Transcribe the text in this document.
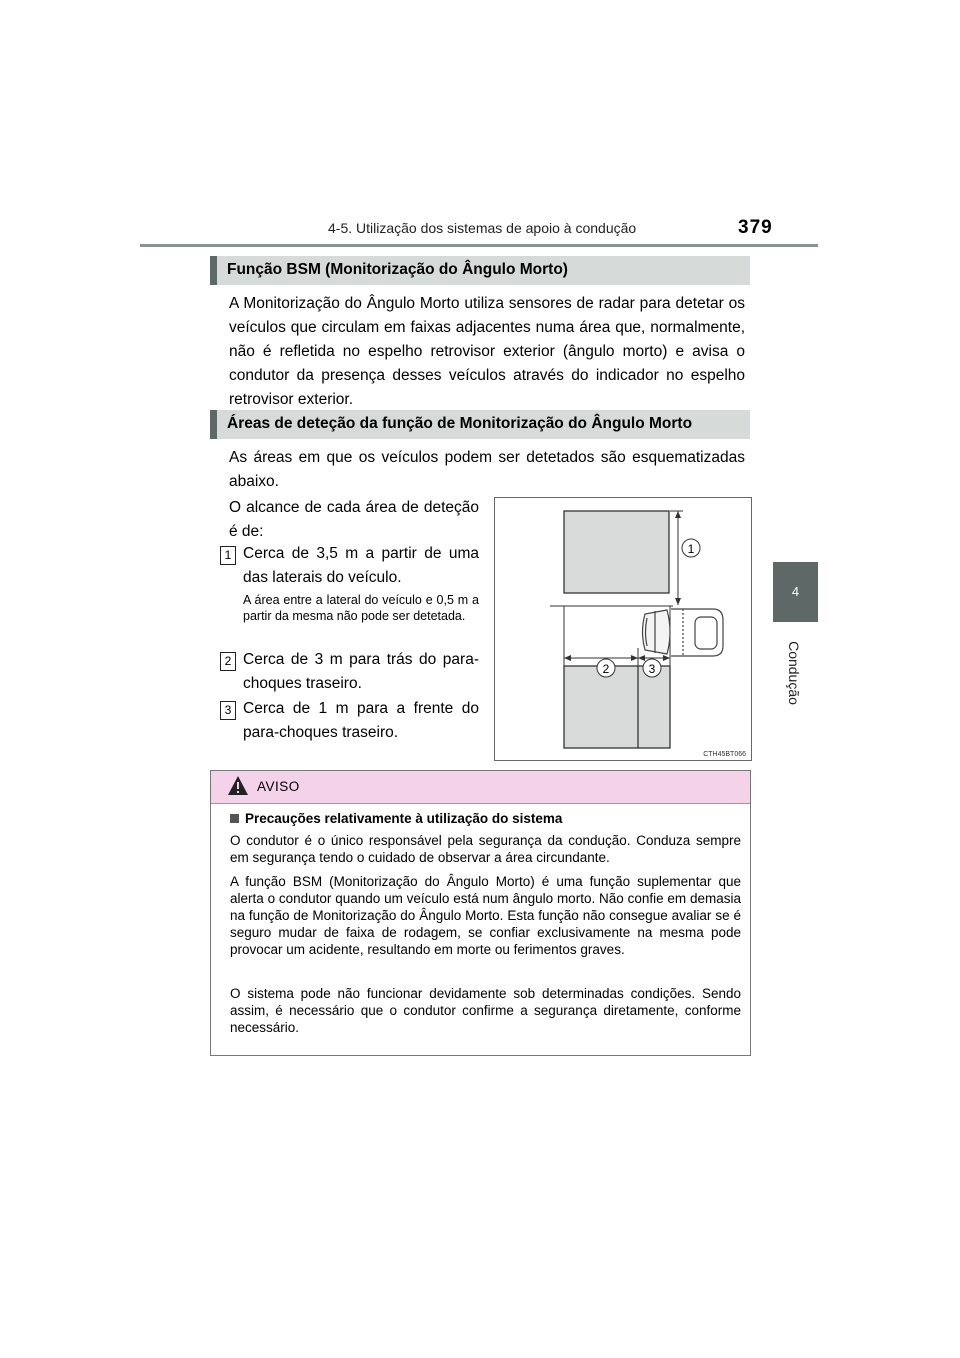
4-5. Utilização dos sistemas de apoio à condução	379
4
Condução
Função BSM (Monitorização do Ângulo Morto)
A Monitorização do Ângulo Morto utiliza sensores de radar para detetar os veículos que circulam em faixas adjacentes numa área que, normalmente, não é refletida no espelho retrovisor exterior (ângulo morto) e avisa o condutor da presença desses veículos através do indicador no espelho retrovisor exterior.
Áreas de deteção da função de Monitorização do Ângulo Morto
As áreas em que os veículos podem ser detetados são esquematizadas abaixo.
O alcance de cada área de deteção é de:
1 Cerca de 3,5 m a partir de uma das laterais do veículo.
A área entre a lateral do veículo e 0,5 m a partir da mesma não pode ser detetada.
2 Cerca de 3 m para trás do para-choques traseiro.
3 Cerca de 1 m para a frente do para-choques traseiro.
1
2	3
CTH45BT066
AVISO
Precauções relativamente à utilização do sistema
O condutor é o único responsável pela segurança da condução. Conduza sempre em segurança tendo o cuidado de observar a área circundante.
A função BSM (Monitorização do Ângulo Morto) é uma função suplementar que alerta o condutor quando um veículo está num ângulo morto. Não confie em demasia na função de Monitorização do Ângulo Morto. Esta função não consegue avaliar se é seguro mudar de faixa de rodagem, se confiar exclusivamente na mesma pode provocar um acidente, resultando em morte ou ferimentos graves.
O sistema pode não funcionar devidamente sob determinadas condições. Sendo assim, é necessário que o condutor confirme a segurança diretamente, conforme necessário.
